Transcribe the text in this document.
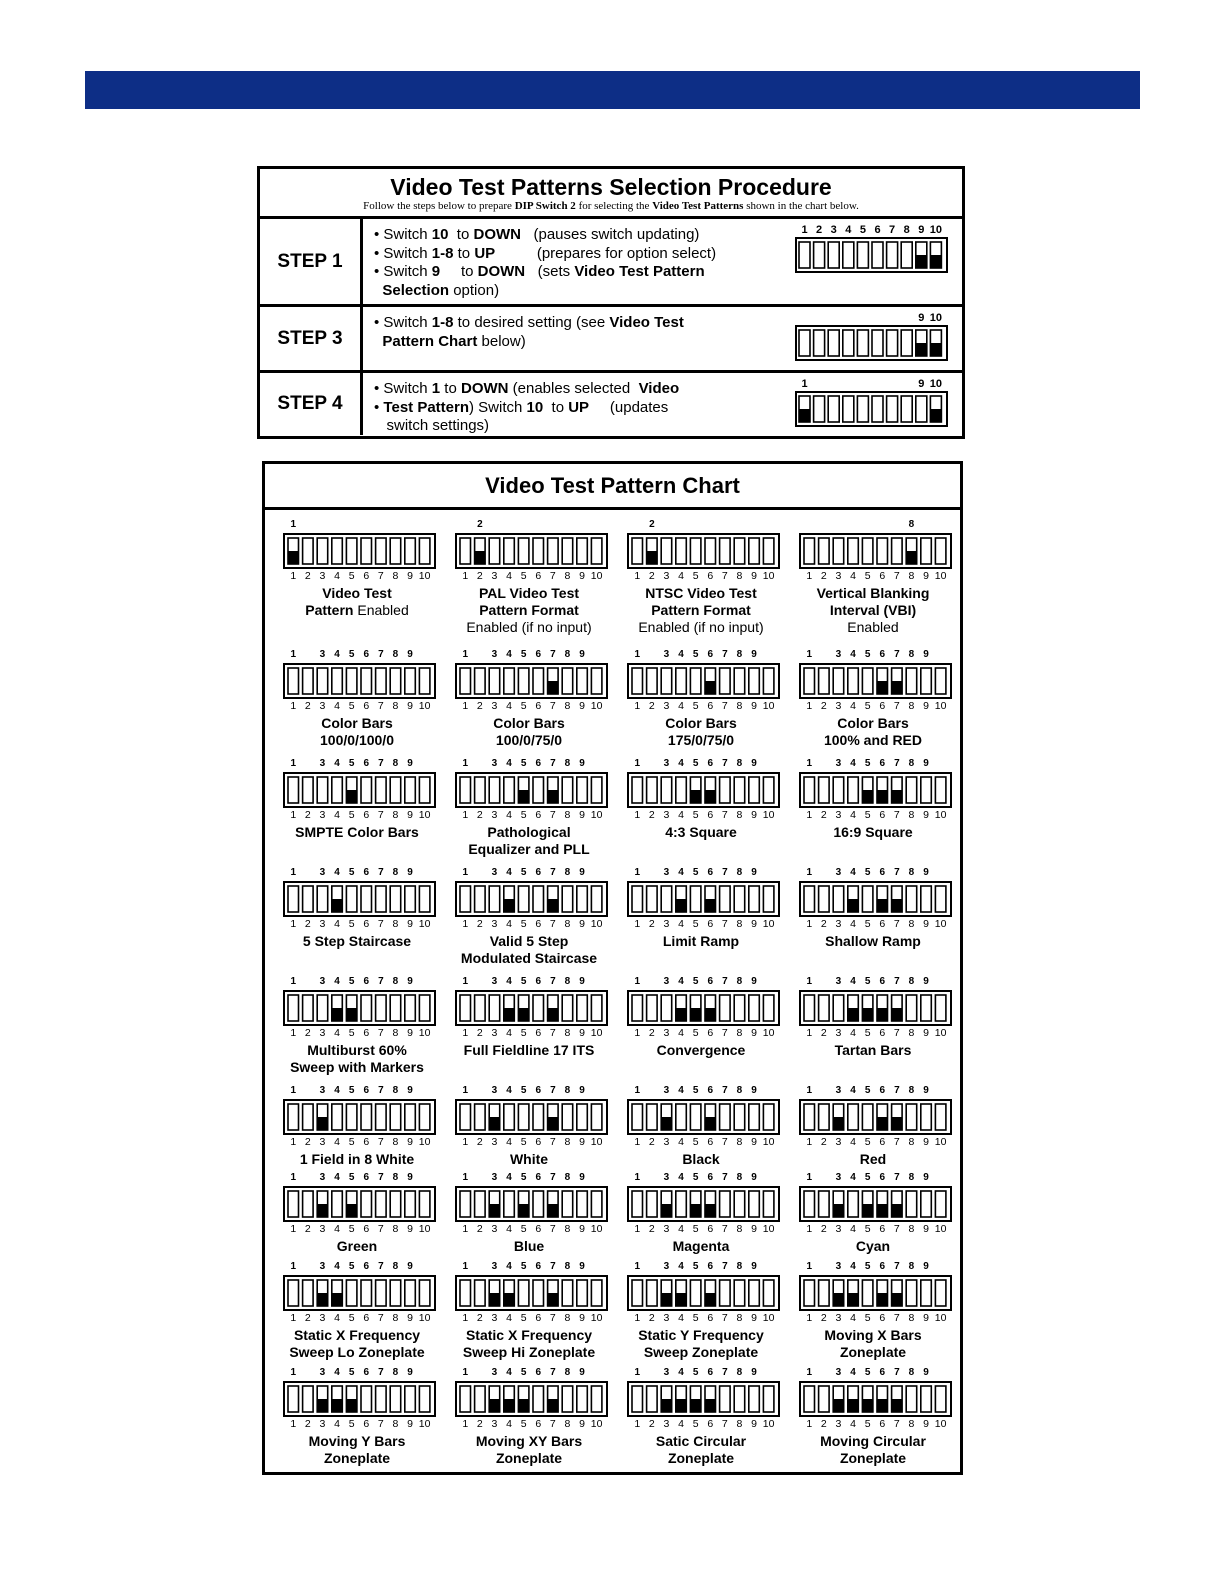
Video Test Patterns Selection Procedure
Follow the steps below to prepare DIP Switch 2 for selecting the Video Test Patterns shown in the chart below.
STEP 1
• Switch 10  to DOWN   (pauses switch updating)
• Switch 1-8 to UP          (prepares for option select)
• Switch 9     to DOWN   (sets Video Test Pattern
Selection option)
1 2 3 4 5 6 7 8 9 10
STEP 3
• Switch 1-8 to desired setting (see Video Test
Pattern Chart below)
9 10
STEP 4
• Switch 1 to DOWN (enables selected  Video
• Test Pattern) Switch 10  to UP     (updates
switch settings)
1	9 10
Video Test Pattern Chart
1
1 2 3 4 5 6 7 8 9 10
Video Test
Pattern Enabled
2
1 2 3 4 5 6 7 8 9 10
PAL Video Test
Pattern Format
Enabled (if no input)
2
1 2 3 4 5 6 7 8 9 10
NTSC Video Test
Pattern Format
Enabled (if no input)
8
1 2 3 4 5 6 7 8 9 10
Vertical Blanking
Interval (VBI)
Enabled
1 3 4 5 6 7 8 9
1 2 3 4 5 6 7 8 9 10
Color Bars
100/0/100/0
1 3 4 5 6 7 8 9
1 2 3 4 5 6 7 8 9 10
Color Bars
100/0/75/0
1 3 4 5 6 7 8 9
1 2 3 4 5 6 7 8 9 10
Color Bars
175/0/75/0
1 3 4 5 6 7 8 9
1 2 3 4 5 6 7 8 9 10
Color Bars
100% and RED
1 3 4 5 6 7 8 9
1 2 3 4 5 6 7 8 9 10
SMPTE Color Bars
1 3 4 5 6 7 8 9
1 2 3 4 5 6 7 8 9 10
Pathological
Equalizer and PLL
1 3 4 5 6 7 8 9
1 2 3 4 5 6 7 8 9 10
4:3 Square
1 3 4 5 6 7 8 9
1 2 3 4 5 6 7 8 9 10
16:9 Square
1 3 4 5 6 7 8 9
1 2 3 4 5 6 7 8 9 10
5 Step Staircase
1 3 4 5 6 7 8 9
1 2 3 4 5 6 7 8 9 10
Valid 5 Step
Modulated Staircase
1 3 4 5 6 7 8 9
1 2 3 4 5 6 7 8 9 10
Limit Ramp
1 3 4 5 6 7 8 9
1 2 3 4 5 6 7 8 9 10
Shallow Ramp
1 3 4 5 6 7 8 9
1 2 3 4 5 6 7 8 9 10
Multiburst 60%
Sweep with Markers
1 3 4 5 6 7 8 9
1 2 3 4 5 6 7 8 9 10
Full Fieldline 17 ITS
1 3 4 5 6 7 8 9
1 2 3 4 5 6 7 8 9 10
Convergence
1 3 4 5 6 7 8 9
1 2 3 4 5 6 7 8 9 10
Tartan Bars
1 3 4 5 6 7 8 9
1 2 3 4 5 6 7 8 9 10
1 Field in 8 White
1 3 4 5 6 7 8 9
1 2 3 4 5 6 7 8 9 10
White
1 3 4 5 6 7 8 9
1 2 3 4 5 6 7 8 9 10
Black
1 3 4 5 6 7 8 9
1 2 3 4 5 6 7 8 9 10
Red
1 3 4 5 6 7 8 9
1 2 3 4 5 6 7 8 9 10
Green
1 3 4 5 6 7 8 9
1 2 3 4 5 6 7 8 9 10
Blue
1 3 4 5 6 7 8 9
1 2 3 4 5 6 7 8 9 10
Magenta
1 3 4 5 6 7 8 9
1 2 3 4 5 6 7 8 9 10
Cyan
1 3 4 5 6 7 8 9
1 2 3 4 5 6 7 8 9 10
Static X Frequency
Sweep Lo Zoneplate
1 3 4 5 6 7 8 9
1 2 3 4 5 6 7 8 9 10
Static X Frequency
Sweep Hi Zoneplate
1 3 4 5 6 7 8 9
1 2 3 4 5 6 7 8 9 10
Static Y Frequency
Sweep Zoneplate
1 3 4 5 6 7 8 9
1 2 3 4 5 6 7 8 9 10
Moving X Bars
Zoneplate
1 3 4 5 6 7 8 9
1 2 3 4 5 6 7 8 9 10
Moving Y Bars
Zoneplate
1 3 4 5 6 7 8 9
1 2 3 4 5 6 7 8 9 10
Moving XY Bars
Zoneplate
1 3 4 5 6 7 8 9
1 2 3 4 5 6 7 8 9 10
Satic Circular
Zoneplate
1 3 4 5 6 7 8 9
1 2 3 4 5 6 7 8 9 10
Moving Circular
Zoneplate
